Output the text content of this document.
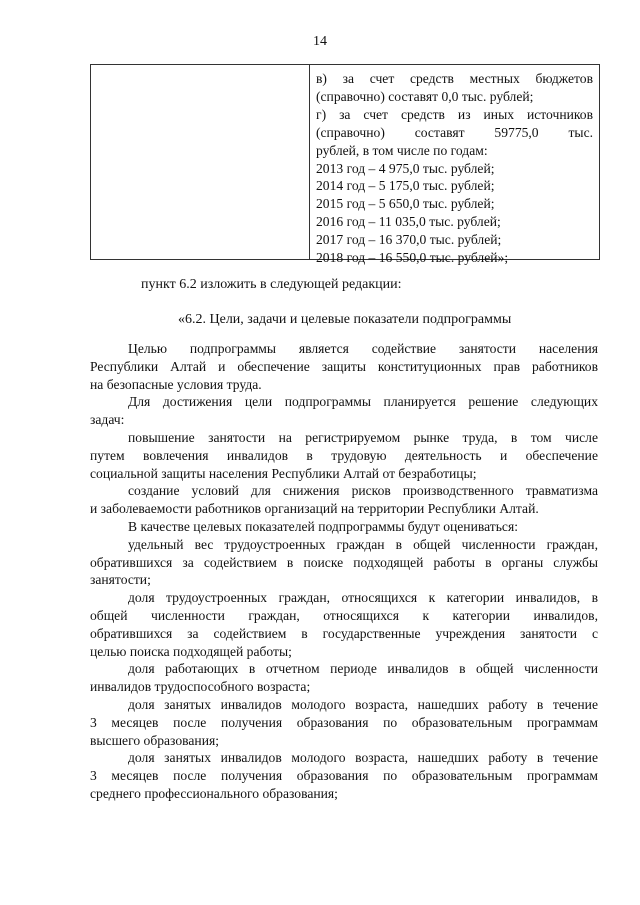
14
в) за счет средств местных бюджетов
(справочно) составят 0,0 тыс. рублей;
г) за счет средств из иных источников
(справочно) составят 59775,0 тыс.
рублей, в том числе по годам:
2013 год – 4 975,0 тыс. рублей;
2014 год – 5 175,0 тыс. рублей;
2015 год – 5 650,0 тыс. рублей;
2016 год – 11 035,0 тыс. рублей;
2017 год – 16 370,0 тыс. рублей;
2018 год – 16 550,0 тыс. рублей»;
пункт 6.2 изложить в следующей редакции:
«6.2. Цели, задачи и целевые показатели подпрограммы
Целью подпрограммы является содействие занятости населения
Республики Алтай и обеспечение защиты конституционных прав работников
на безопасные условия труда.
Для достижения цели подпрограммы планируется решение следующих
задач:
повышение занятости на регистрируемом рынке труда, в том числе
путем вовлечения инвалидов в трудовую деятельность и обеспечение
социальной защиты населения Республики Алтай от безработицы;
создание условий для снижения рисков производственного травматизма
и заболеваемости работников организаций на территории Республики Алтай.
В качестве целевых показателей подпрограммы будут оцениваться:
удельный вес трудоустроенных граждан в общей численности граждан,
обратившихся за содействием в поиске подходящей работы в органы службы
занятости;
доля трудоустроенных граждан, относящихся к категории инвалидов, в
общей численности граждан, относящихся к категории инвалидов,
обратившихся за содействием в государственные учреждения занятости с
целью поиска подходящей работы;
доля работающих в отчетном периоде инвалидов в общей численности
инвалидов трудоспособного возраста;
доля занятых инвалидов молодого возраста, нашедших работу в течение
3 месяцев после получения образования по образовательным программам
высшего образования;
доля занятых инвалидов молодого возраста, нашедших работу в течение
3 месяцев после получения образования по образовательным программам
среднего профессионального образования;
